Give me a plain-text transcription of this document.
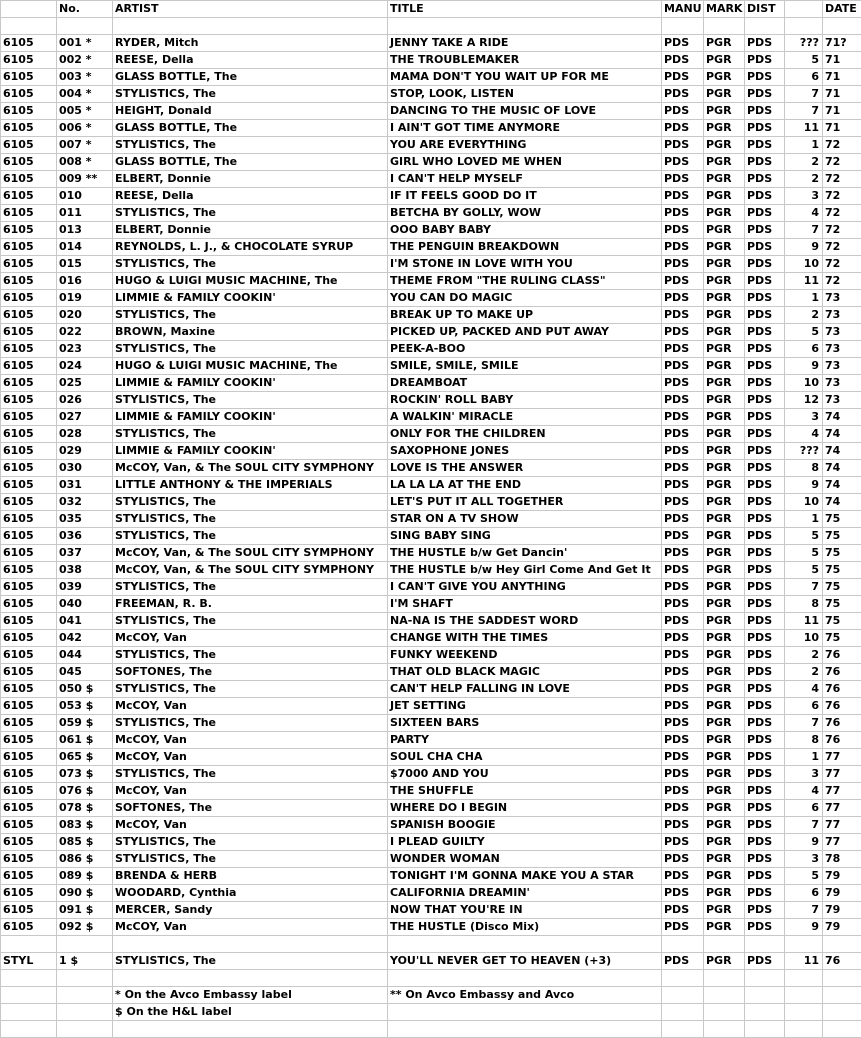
	No.	ARTIST	TITLE	MANU	MARK	DIST		DATE

6105	001 *	RYDER, Mitch	JENNY TAKE A RIDE	PDS	PGR	PDS	???	71?
6105	002 *	REESE, Della	THE TROUBLEMAKER	PDS	PGR	PDS	5	71
6105	003 *	GLASS BOTTLE, The	MAMA DON'T YOU WAIT UP FOR ME	PDS	PGR	PDS	6	71
6105	004 *	STYLISTICS, The	STOP, LOOK, LISTEN	PDS	PGR	PDS	7	71
6105	005 *	HEIGHT, Donald	DANCING TO THE MUSIC OF LOVE	PDS	PGR	PDS	7	71
6105	006 *	GLASS BOTTLE, The	I AIN'T GOT TIME ANYMORE	PDS	PGR	PDS	11	71
6105	007 *	STYLISTICS, The	YOU ARE EVERYTHING	PDS	PGR	PDS	1	72
6105	008 *	GLASS BOTTLE, The	GIRL WHO LOVED ME WHEN	PDS	PGR	PDS	2	72
6105	009 **	ELBERT, Donnie	I CAN'T HELP MYSELF	PDS	PGR	PDS	2	72
6105	010	REESE, Della	IF IT FEELS GOOD DO IT	PDS	PGR	PDS	3	72
6105	011	STYLISTICS, The	BETCHA BY GOLLY, WOW	PDS	PGR	PDS	4	72
6105	013	ELBERT, Donnie	OOO BABY BABY	PDS	PGR	PDS	7	72
6105	014	REYNOLDS, L. J., & CHOCOLATE SYRUP	THE PENGUIN BREAKDOWN	PDS	PGR	PDS	9	72
6105	015	STYLISTICS, The	I'M STONE IN LOVE WITH YOU	PDS	PGR	PDS	10	72
6105	016	HUGO & LUIGI MUSIC MACHINE, The	THEME FROM "THE RULING CLASS"	PDS	PGR	PDS	11	72
6105	019	LIMMIE & FAMILY COOKIN'	YOU CAN DO MAGIC	PDS	PGR	PDS	1	73
6105	020	STYLISTICS, The	BREAK UP TO MAKE UP	PDS	PGR	PDS	2	73
6105	022	BROWN, Maxine	PICKED UP, PACKED AND PUT AWAY	PDS	PGR	PDS	5	73
6105	023	STYLISTICS, The	PEEK-A-BOO	PDS	PGR	PDS	6	73
6105	024	HUGO & LUIGI MUSIC MACHINE, The	SMILE, SMILE, SMILE	PDS	PGR	PDS	9	73
6105	025	LIMMIE & FAMILY COOKIN'	DREAMBOAT	PDS	PGR	PDS	10	73
6105	026	STYLISTICS, The	ROCKIN' ROLL BABY	PDS	PGR	PDS	12	73
6105	027	LIMMIE & FAMILY COOKIN'	A WALKIN' MIRACLE	PDS	PGR	PDS	3	74
6105	028	STYLISTICS, The	ONLY FOR THE CHILDREN	PDS	PGR	PDS	4	74
6105	029	LIMMIE & FAMILY COOKIN'	SAXOPHONE JONES	PDS	PGR	PDS	???	74
6105	030	McCOY, Van, & The SOUL CITY SYMPHONY	LOVE IS THE ANSWER	PDS	PGR	PDS	8	74
6105	031	LITTLE ANTHONY & THE IMPERIALS	LA LA LA AT THE END	PDS	PGR	PDS	9	74
6105	032	STYLISTICS, The	LET'S PUT IT ALL TOGETHER	PDS	PGR	PDS	10	74
6105	035	STYLISTICS, The	STAR ON A TV SHOW	PDS	PGR	PDS	1	75
6105	036	STYLISTICS, The	SING BABY SING	PDS	PGR	PDS	5	75
6105	037	McCOY, Van, & The SOUL CITY SYMPHONY	THE HUSTLE b/w Get Dancin'	PDS	PGR	PDS	5	75
6105	038	McCOY, Van, & The SOUL CITY SYMPHONY	THE HUSTLE b/w Hey Girl Come And Get It	PDS	PGR	PDS	5	75
6105	039	STYLISTICS, The	I CAN'T GIVE YOU ANYTHING	PDS	PGR	PDS	7	75
6105	040	FREEMAN, R. B.	I'M SHAFT	PDS	PGR	PDS	8	75
6105	041	STYLISTICS, The	NA-NA IS THE SADDEST WORD	PDS	PGR	PDS	11	75
6105	042	McCOY, Van	CHANGE WITH THE TIMES	PDS	PGR	PDS	10	75
6105	044	STYLISTICS, The	FUNKY WEEKEND	PDS	PGR	PDS	2	76
6105	045	SOFTONES, The	THAT OLD BLACK MAGIC	PDS	PGR	PDS	2	76
6105	050 $	STYLISTICS, The	CAN'T HELP FALLING IN LOVE	PDS	PGR	PDS	4	76
6105	053 $	McCOY, Van	JET SETTING	PDS	PGR	PDS	6	76
6105	059 $	STYLISTICS, The	SIXTEEN BARS	PDS	PGR	PDS	7	76
6105	061 $	McCOY, Van	PARTY	PDS	PGR	PDS	8	76
6105	065 $	McCOY, Van	SOUL CHA CHA	PDS	PGR	PDS	1	77
6105	073 $	STYLISTICS, The	$7000 AND YOU	PDS	PGR	PDS	3	77
6105	076 $	McCOY, Van	THE SHUFFLE	PDS	PGR	PDS	4	77
6105	078 $	SOFTONES, The	WHERE DO I BEGIN	PDS	PGR	PDS	6	77
6105	083 $	McCOY, Van	SPANISH BOOGIE	PDS	PGR	PDS	7	77
6105	085 $	STYLISTICS, The	I PLEAD GUILTY	PDS	PGR	PDS	9	77
6105	086 $	STYLISTICS, The	WONDER WOMAN	PDS	PGR	PDS	3	78
6105	089 $	BRENDA & HERB	TONIGHT I'M GONNA MAKE YOU A STAR	PDS	PGR	PDS	5	79
6105	090 $	WOODARD, Cynthia	CALIFORNIA DREAMIN'	PDS	PGR	PDS	6	79
6105	091 $	MERCER, Sandy	NOW THAT YOU'RE IN	PDS	PGR	PDS	7	79
6105	092 $	McCOY, Van	THE HUSTLE (Disco Mix)	PDS	PGR	PDS	9	79

STYL	1 $	STYLISTICS, The	YOU'LL NEVER GET TO HEAVEN (+3)	PDS	PGR	PDS	11	76

		* On the Avco Embassy label	** On Avco Embassy and Avco					
		$ On the H&L label						
